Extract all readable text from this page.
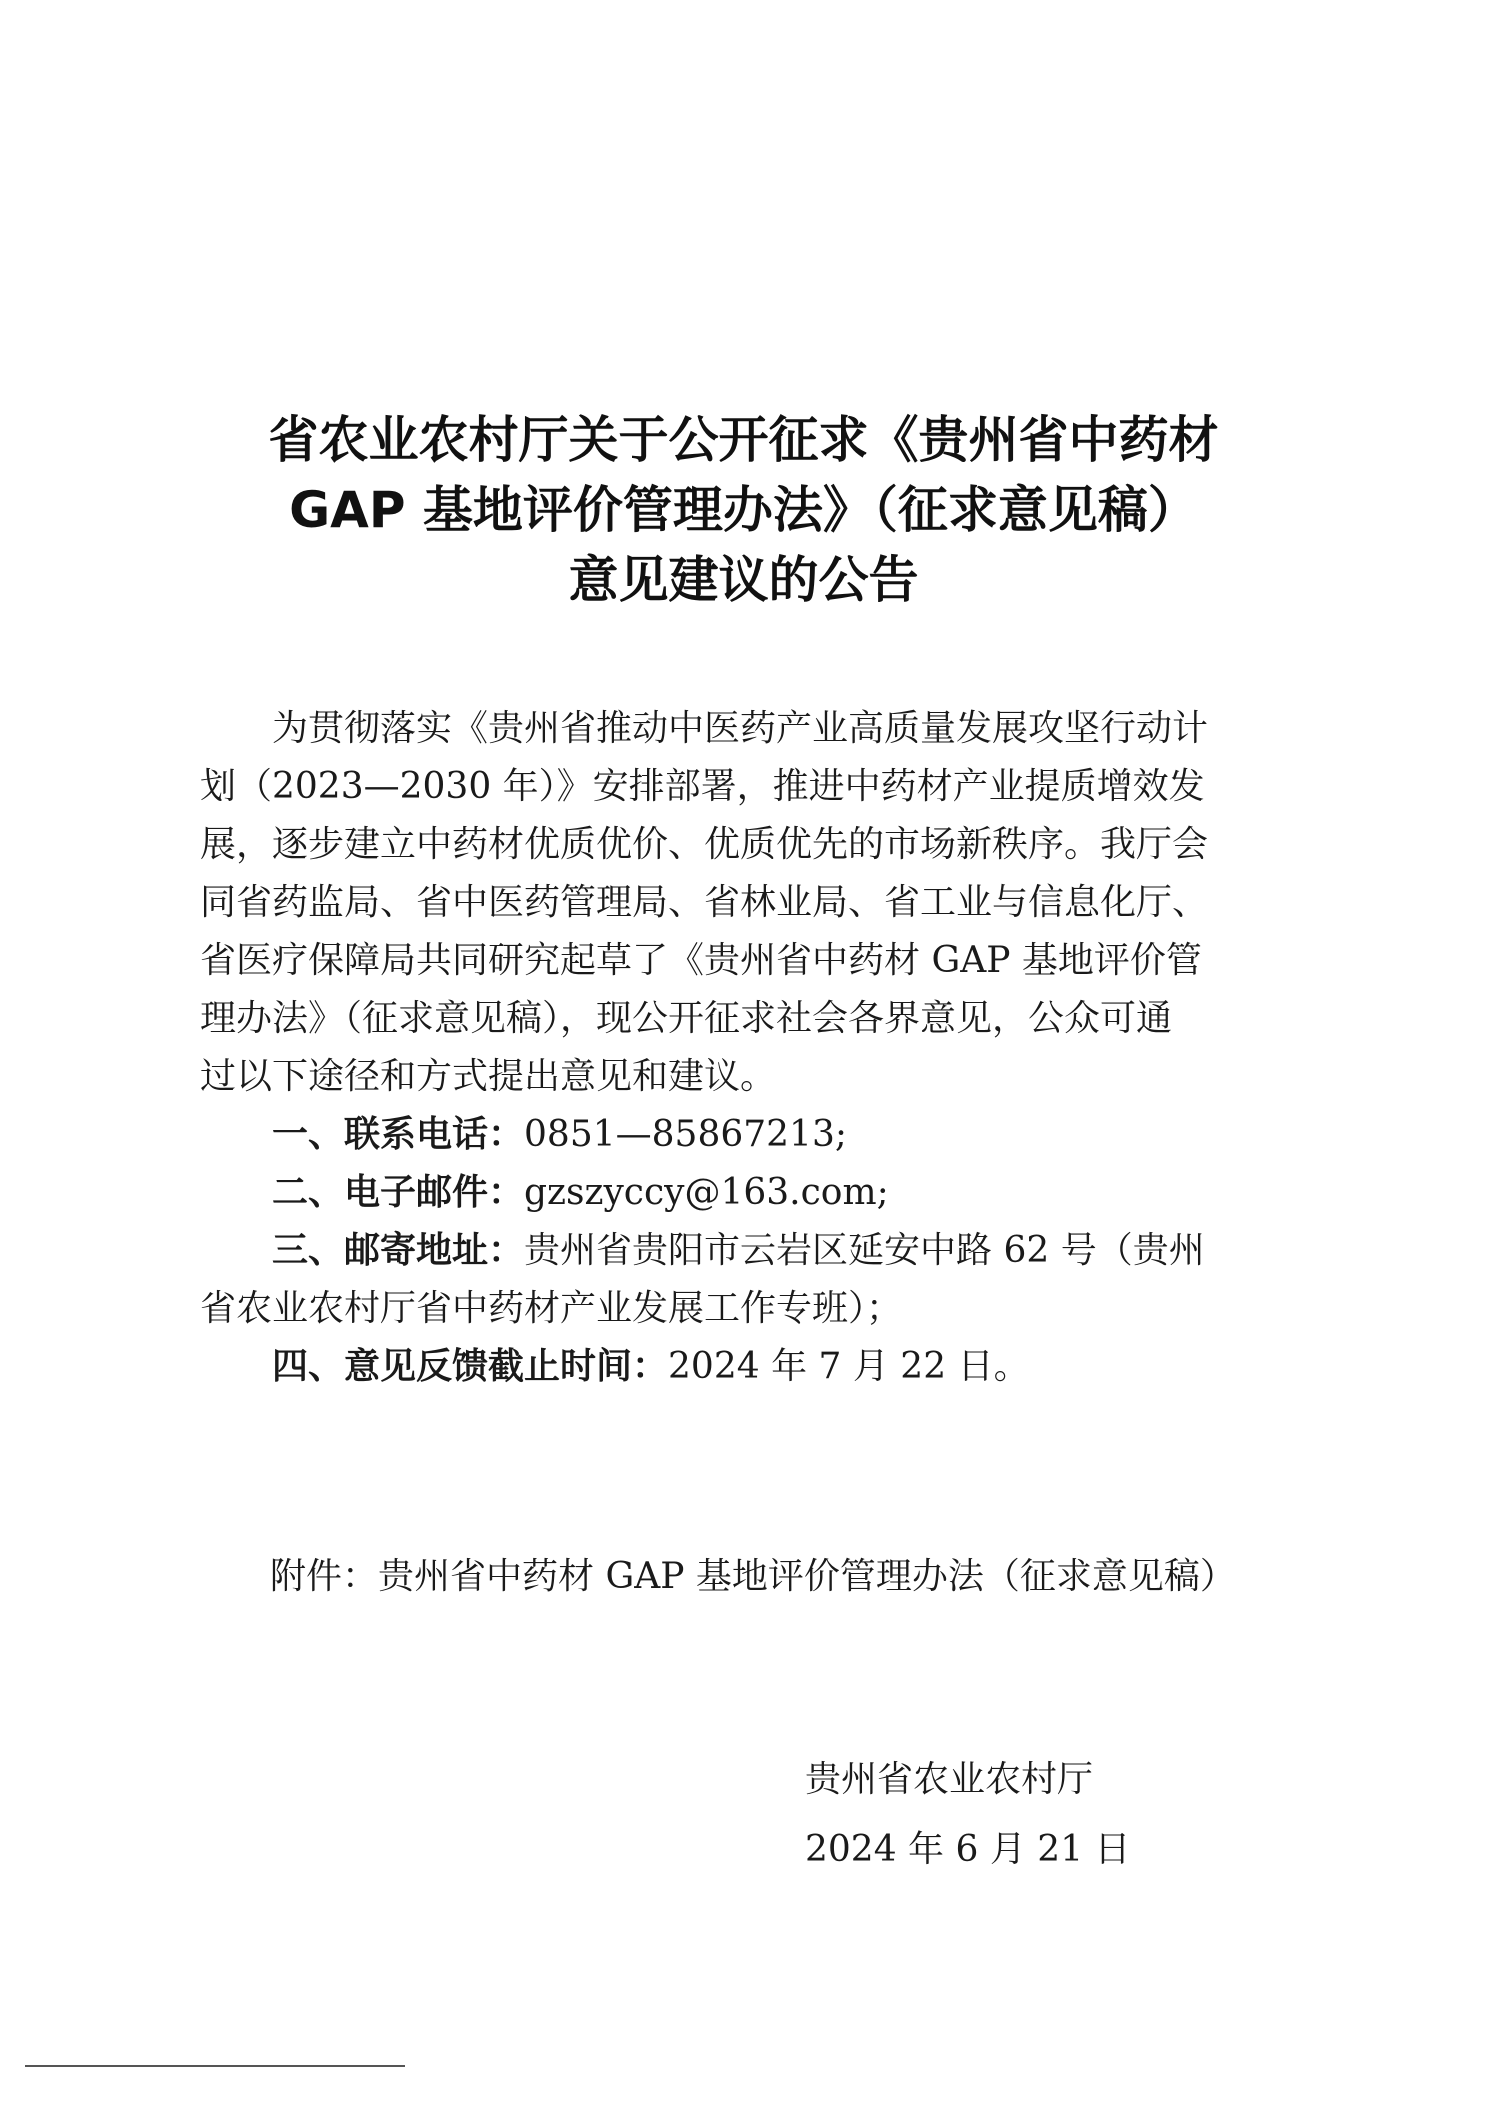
省农业农村厅关于公开征求《贵州省中药材
GAP 基地评价管理办法》（征求意见稿）
意见建议的公告

为贯彻落实《贵州省推动中医药产业高质量发展攻坚行动计

划（2023—2030 年）》安排部署，推进中药材产业提质增效发

展，逐步建立中药材优质优价、优质优先的市场新秩序。我厅会

同省药监局、省中医药管理局、省林业局、省工业与信息化厅、

省医疗保障局共同研究起草了《贵州省中药材 GAP 基地评价管

理办法》（征求意见稿），现公开征求社会各界意见，公众可通

过以下途径和方式提出意见和建议。

一、联系电话：0851—85867213;

二、电子邮件：gzszyccy@163.com;

三、邮寄地址：贵州省贵阳市云岩区延安中路 62 号（贵州

省农业农村厅省中药材产业发展工作专班）；

四、意见反馈截止时间：2024 年 7 月 22 日。

附件：贵州省中药材 GAP 基地评价管理办法（征求意见稿）
贵州省农业农村厅
2024 年 6 月 21 日
